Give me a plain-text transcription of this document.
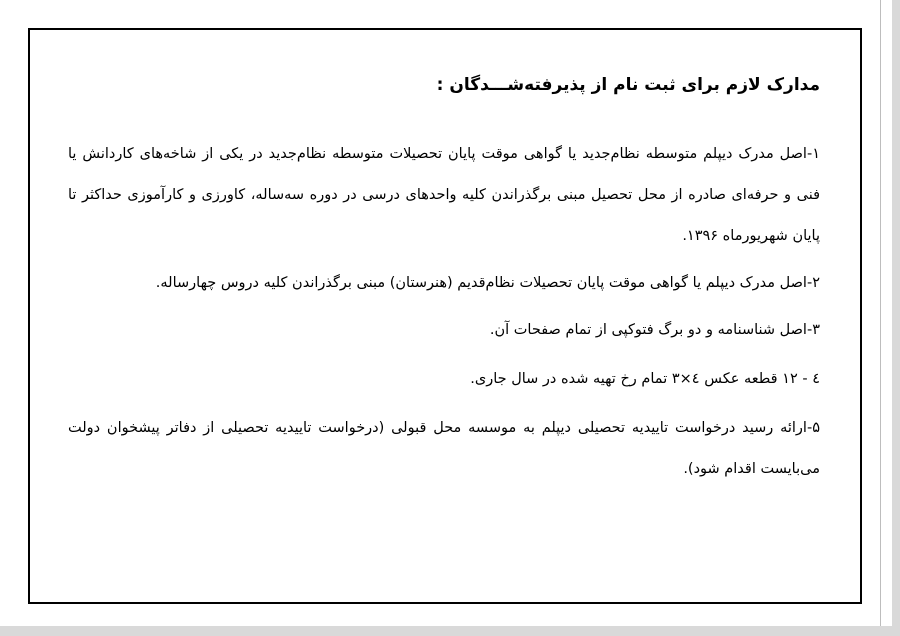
مدارک لازم برای ثبت نام از پذیرفته‌شـــدگان :

۱-اصل مدرک دیپلم متوسطه نظام‌جدید یا گواهی موقت پایان تحصیلات متوسطه نظام‌جدید در یکی از شاخه‌های کاردانش یا فنی و حرفه‌ای صادره از محل تحصیل مبنی برگذراندن کلیه واحدهای درسی در دوره سه‌ساله، کاورزی و کارآموزی حداکثر تا پایان شهریورماه ۱۳۹۶.

۲-اصل مدرک دیپلم یا گواهی موقت پایان تحصیلات نظام‌قدیم (هنرستان) مبنی برگذراندن کلیه دروس چهارساله.

۳-اصل شناسنامه و دو برگ فتوکپی از تمام صفحات آن.

٤ - ۱۲ قطعه عکس ٤×۳ تمام رخ تهیه شده در سال جاری.

۵-ارائه رسید درخواست تاییدیه تحصیلی دیپلم به موسسه محل قبولی (درخواست تاییدیه تحصیلی از دفاتر پیشخوان دولت می‌بایست اقدام شود).
